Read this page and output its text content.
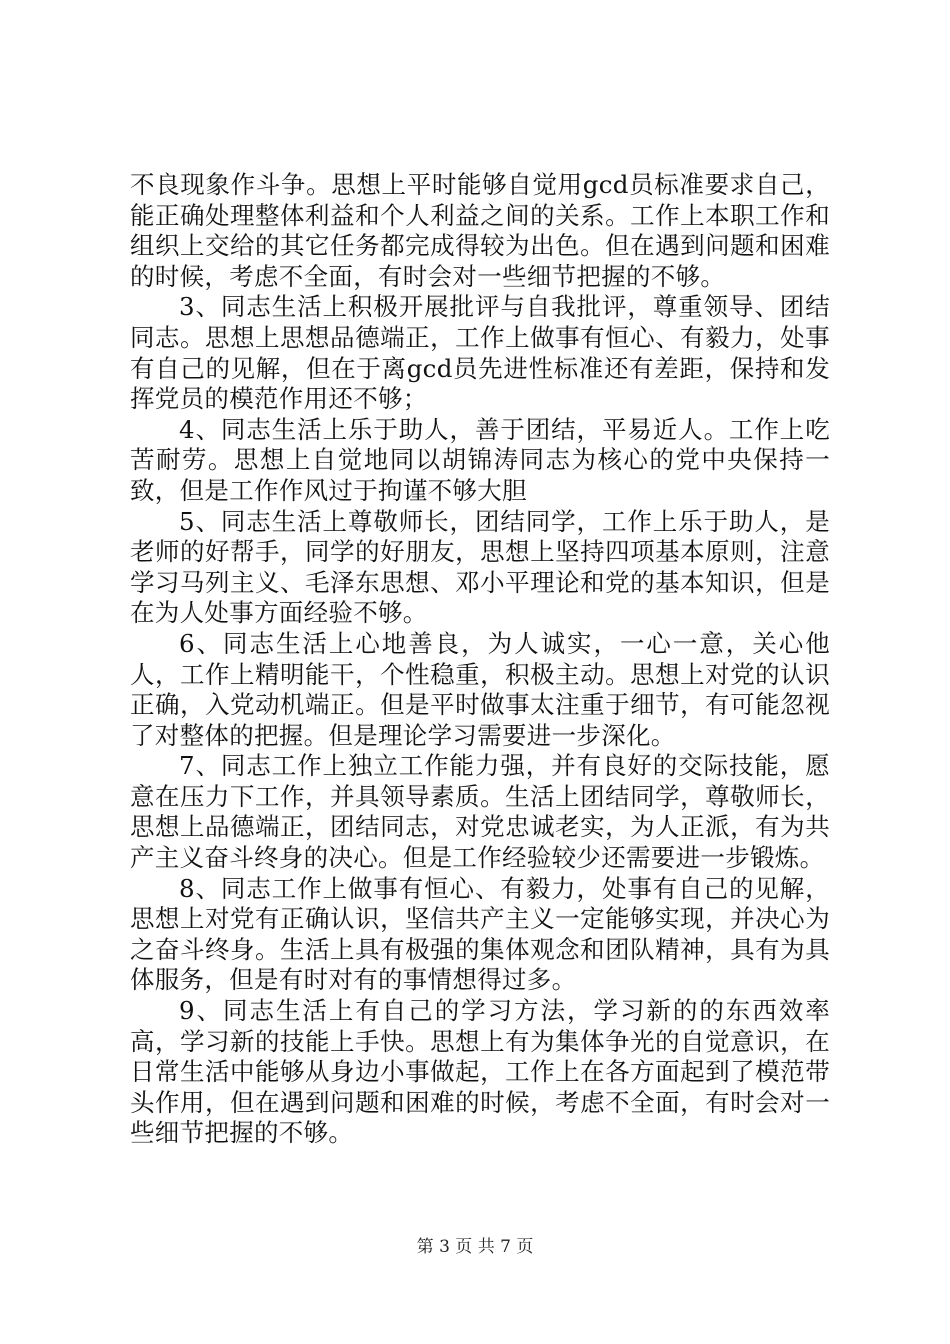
不良现象作斗争。思想上平时能够自觉用gcd员标准要求自己，能正确处理整体利益和个人利益之间的关系。工作上本职工作和组织上交给的其它任务都完成得较为出色。但在遇到问题和困难的时候，考虑不全面，有时会对一些细节把握的不够。

3、同志生活上积极开展批评与自我批评，尊重领导、团结同志。思想上思想品德端正，工作上做事有恒心、有毅力，处事有自己的见解，但在于离gcd员先进性标准还有差距，保持和发挥党员的模范作用还不够；

4、同志生活上乐于助人，善于团结，平易近人。工作上吃苦耐劳。思想上自觉地同以胡锦涛同志为核心的党中央保持一致，但是工作作风过于拘谨不够大胆

5、同志生活上尊敬师长，团结同学，工作上乐于助人，是老师的好帮手，同学的好朋友，思想上坚持四项基本原则，注意学习马列主义、毛泽东思想、邓小平理论和党的基本知识，但是在为人处事方面经验不够。

6、同志生活上心地善良，为人诚实，一心一意，关心他人，工作上精明能干，个性稳重，积极主动。思想上对党的认识正确，入党动机端正。但是平时做事太注重于细节，有可能忽视了对整体的把握。但是理论学习需要进一步深化。

7、同志工作上独立工作能力强，并有良好的交际技能，愿意在压力下工作，并具领导素质。生活上团结同学，尊敬师长，思想上品德端正，团结同志，对党忠诚老实，为人正派，有为共产主义奋斗终身的决心。但是工作经验较少还需要进一步锻炼。

8、同志工作上做事有恒心、有毅力，处事有自己的见解，思想上对党有正确认识，坚信共产主义一定能够实现，并决心为之奋斗终身。生活上具有极强的集体观念和团队精神，具有为具体服务，但是有时对有的事情想得过多。

9、同志生活上有自己的学习方法，学习新的的东西效率高，学习新的技能上手快。思想上有为集体争光的自觉意识，在日常生活中能够从身边小事做起，工作上在各方面起到了模范带头作用，但在遇到问题和困难的时候，考虑不全面，有时会对一些细节把握的不够。

第 3 页 共 7 页
